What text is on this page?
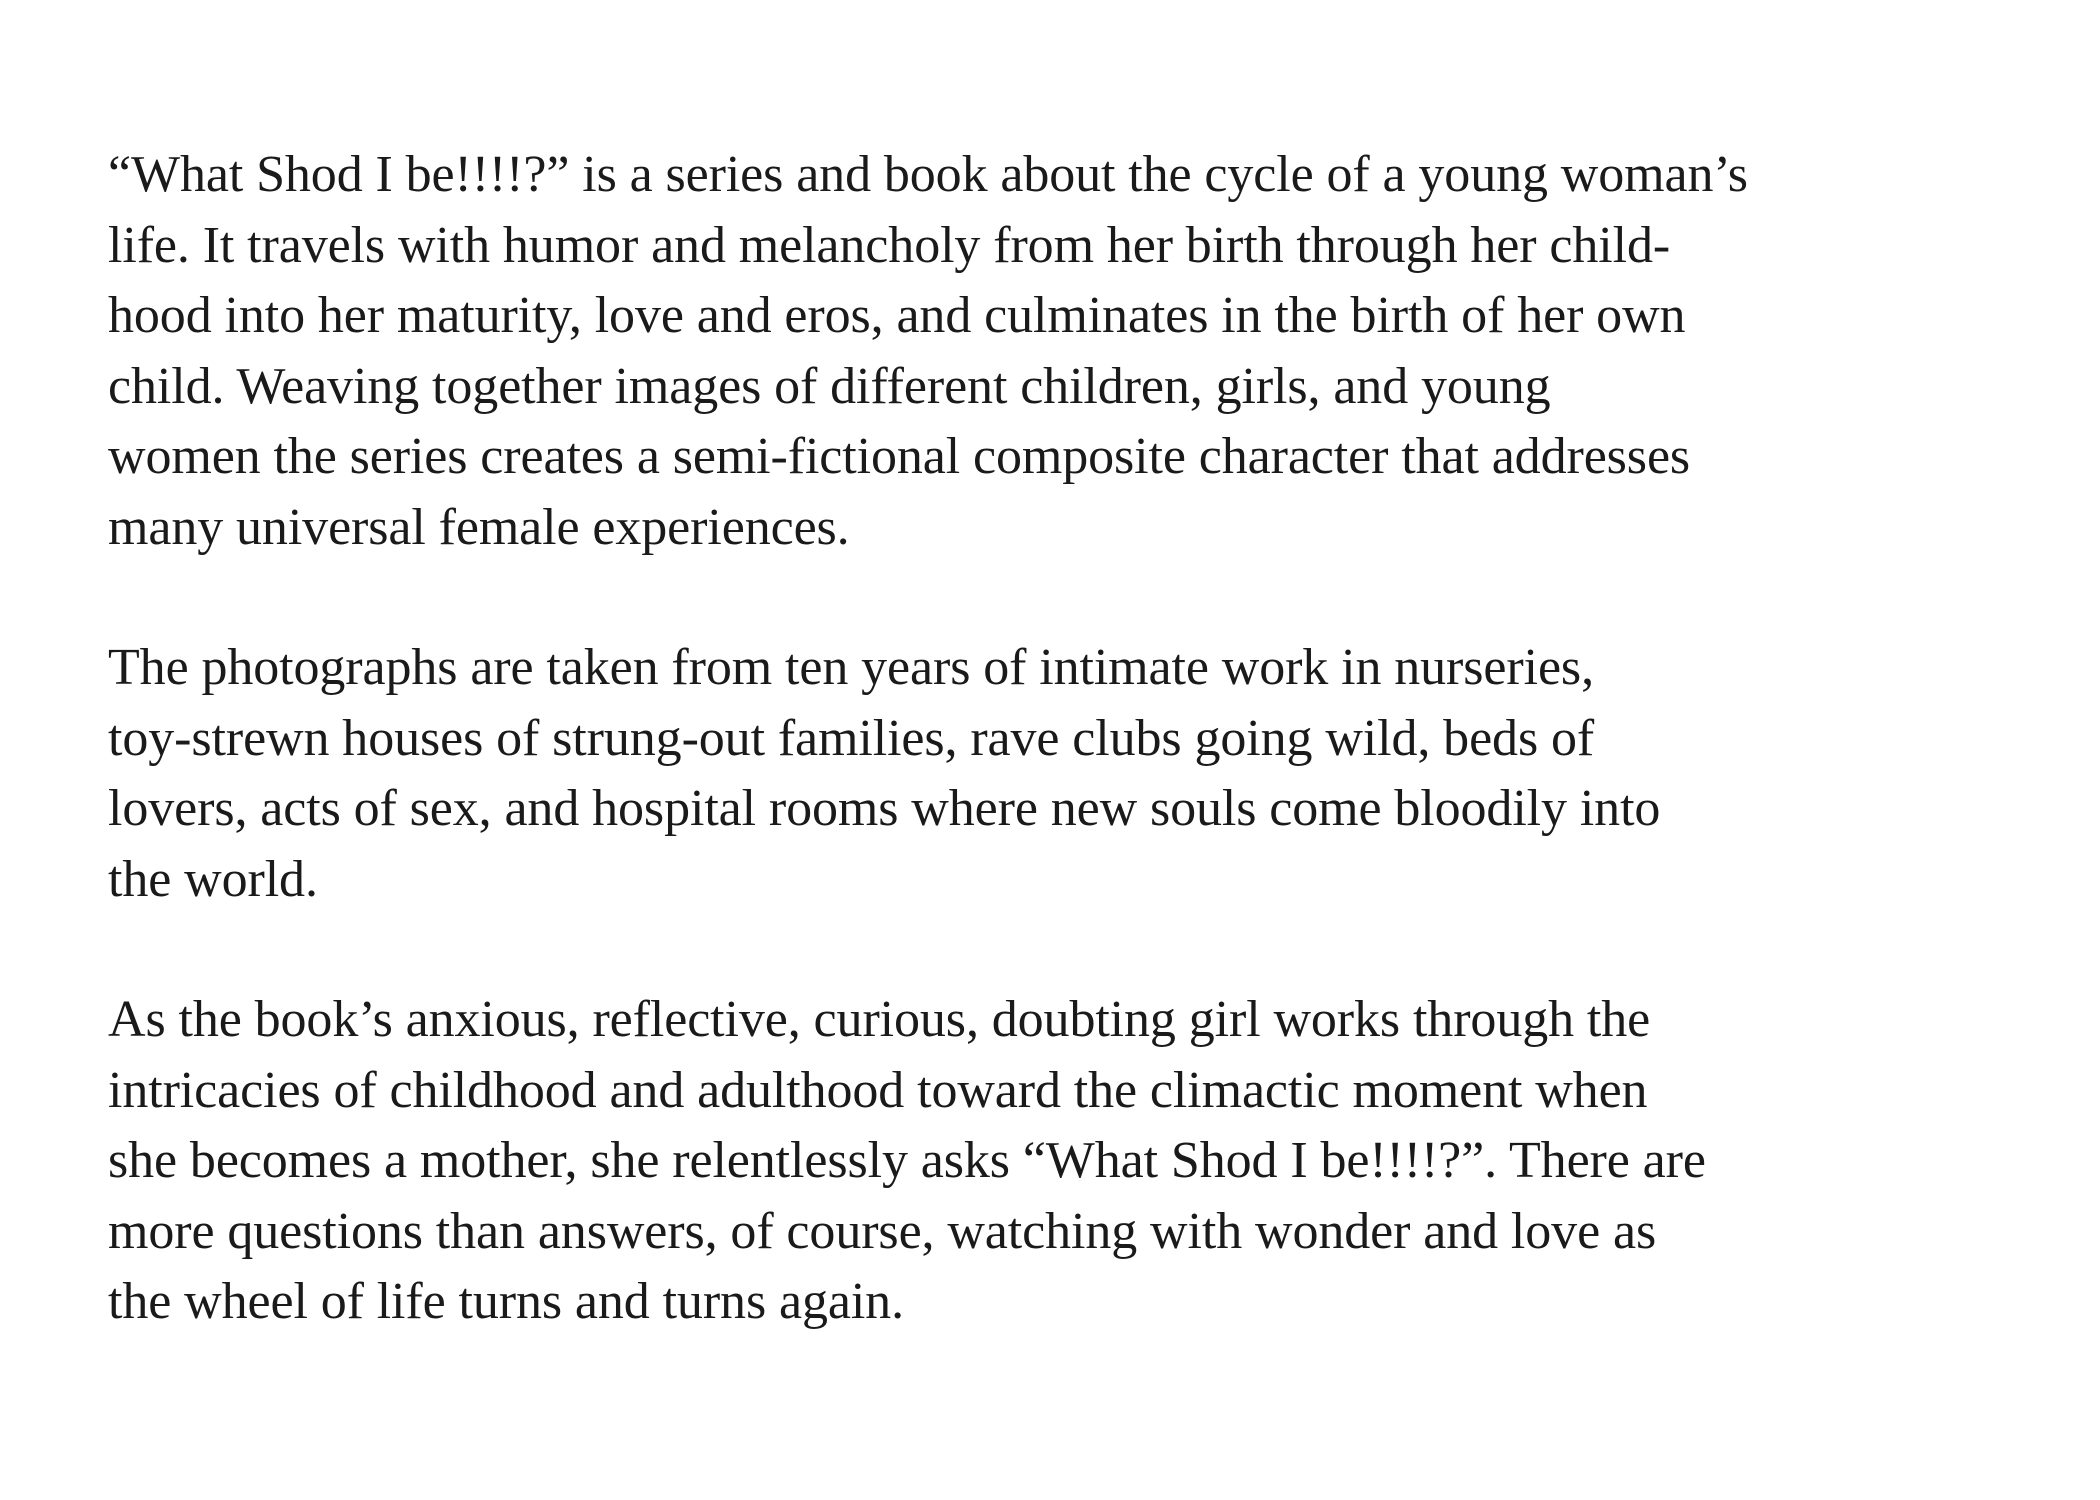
“What Shod I be!!!!?” is a series and book about the cycle of a young woman’s
life. It travels with humor and melancholy from her birth through her child-
hood into her maturity, love and eros, and culminates in the birth of her own
child. Weaving together images of different children, girls, and young
women the series creates a semi-fictional composite character that addresses
many universal female experiences.

The photographs are taken from ten years of intimate work in nurseries,
toy-strewn houses of strung-out families, rave clubs going wild, beds of
lovers, acts of sex, and hospital rooms where new souls come bloodily into
the world.

As the book’s anxious, reflective, curious, doubting girl works through the
intricacies of childhood and adulthood toward the climactic moment when
she becomes a mother, she relentlessly asks “What Shod I be!!!!?”. There are
more questions than answers, of course, watching with wonder and love as
the wheel of life turns and turns again.
